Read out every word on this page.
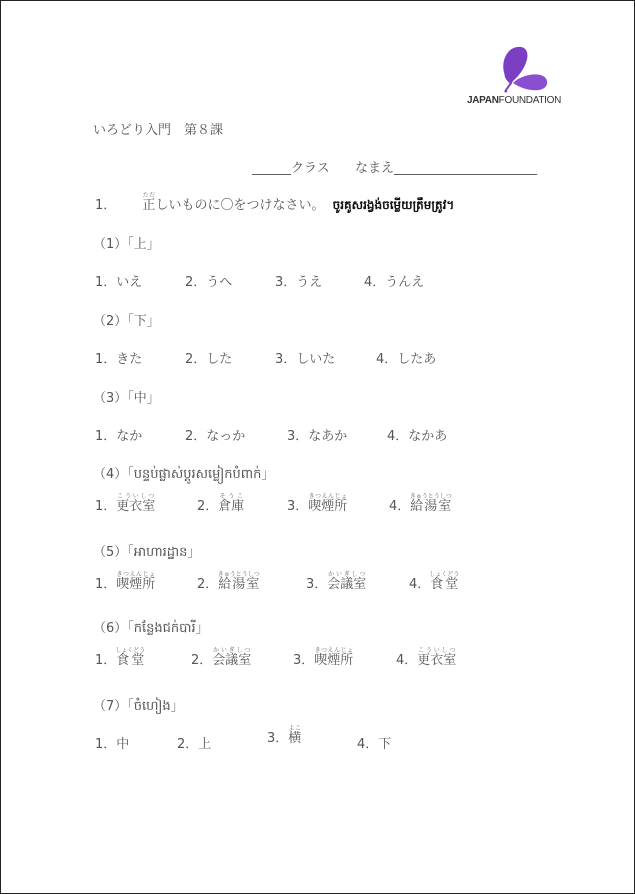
JAPANFOUNDATION
いろどり入門　第８課
______クラス なまえ______________________
1． 正ただしいものに〇をつけなさい。 ចូរគូសរង្វង់ចម្លើយត្រឹមត្រូវ។
（1）「上」
1．いえ	2．うへ	3．うえ	4．うんえ
（2）「下」
1．きた	2．した	3．しいた	4．したあ
（3）「中」
1．なか	2．なっか	3．なあか	4．なかあ
（4）「បន្ទប់ផ្លាស់ប្តូរសម្លៀកបំពាក់」
1．更衣室こういしつ
2．倉庫そうこ
3．喫煙所きつえんじょ
4．給湯室きゅうとうしつ
（5）「អាហារដ្ឋាន」
1．喫煙所きつえんじょ
2．給湯室きゅうとうしつ
3．会議室かいぎしつ
4．食堂しょくどう
（6）「កន្លែងជក់បារី」
1．食堂しょくどう
2．会議室かいぎしつ
3．喫煙所きつえんじょ
4．更衣室こういしつ
（7）「ចំហៀង」
1．中	2．上	3．横よこ
4．下
